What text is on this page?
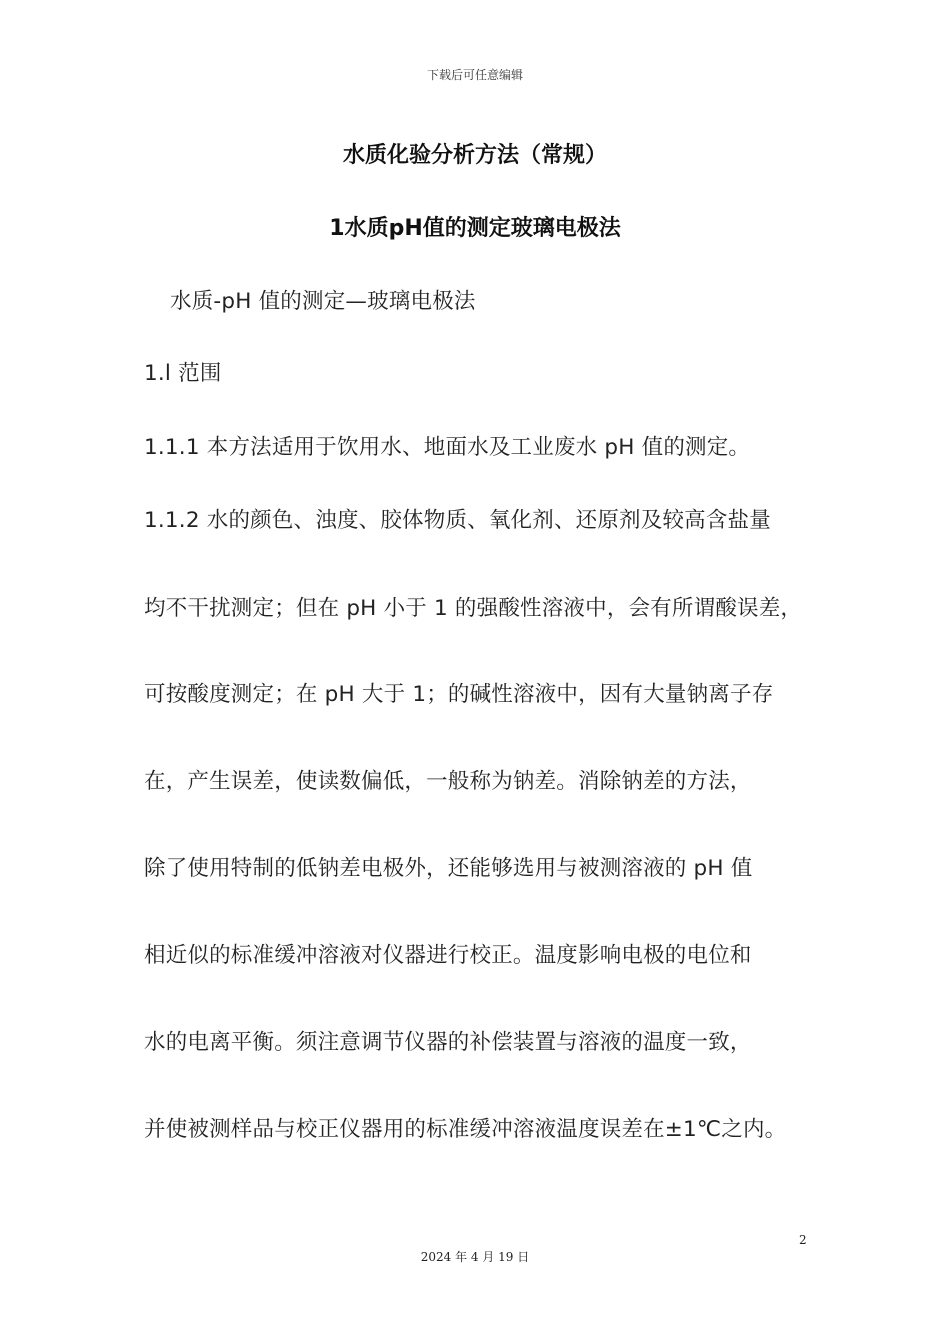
下载后可任意编辑
水质化验分析方法（常规）
1水质pH值的测定玻璃电极法
水质-pH 值的测定—玻璃电极法
1.l 范围
1.1.1 本方法适用于饮用水、地面水及工业废水 pH 值的测定。
1.1.2 水的颜色、浊度、胶体物质、氧化剂、还原剂及较高含盐量
均不干扰测定；但在 pH 小于 1 的强酸性溶液中，会有所谓酸误差，
可按酸度测定；在 pH 大于 1；的碱性溶液中，因有大量钠离子存
在，产生误差，使读数偏低，一般称为钠差。消除钠差的方法，
除了使用特制的低钠差电极外，还能够选用与被测溶液的 pH 值
相近似的标准缓冲溶液对仪器进行校正。温度影响电极的电位和
水的电离平衡。须注意调节仪器的补偿装置与溶液的温度一致，
并使被测样品与校正仪器用的标准缓冲溶液温度误差在±1℃之内。
2
2024 年 4 月 19 日
